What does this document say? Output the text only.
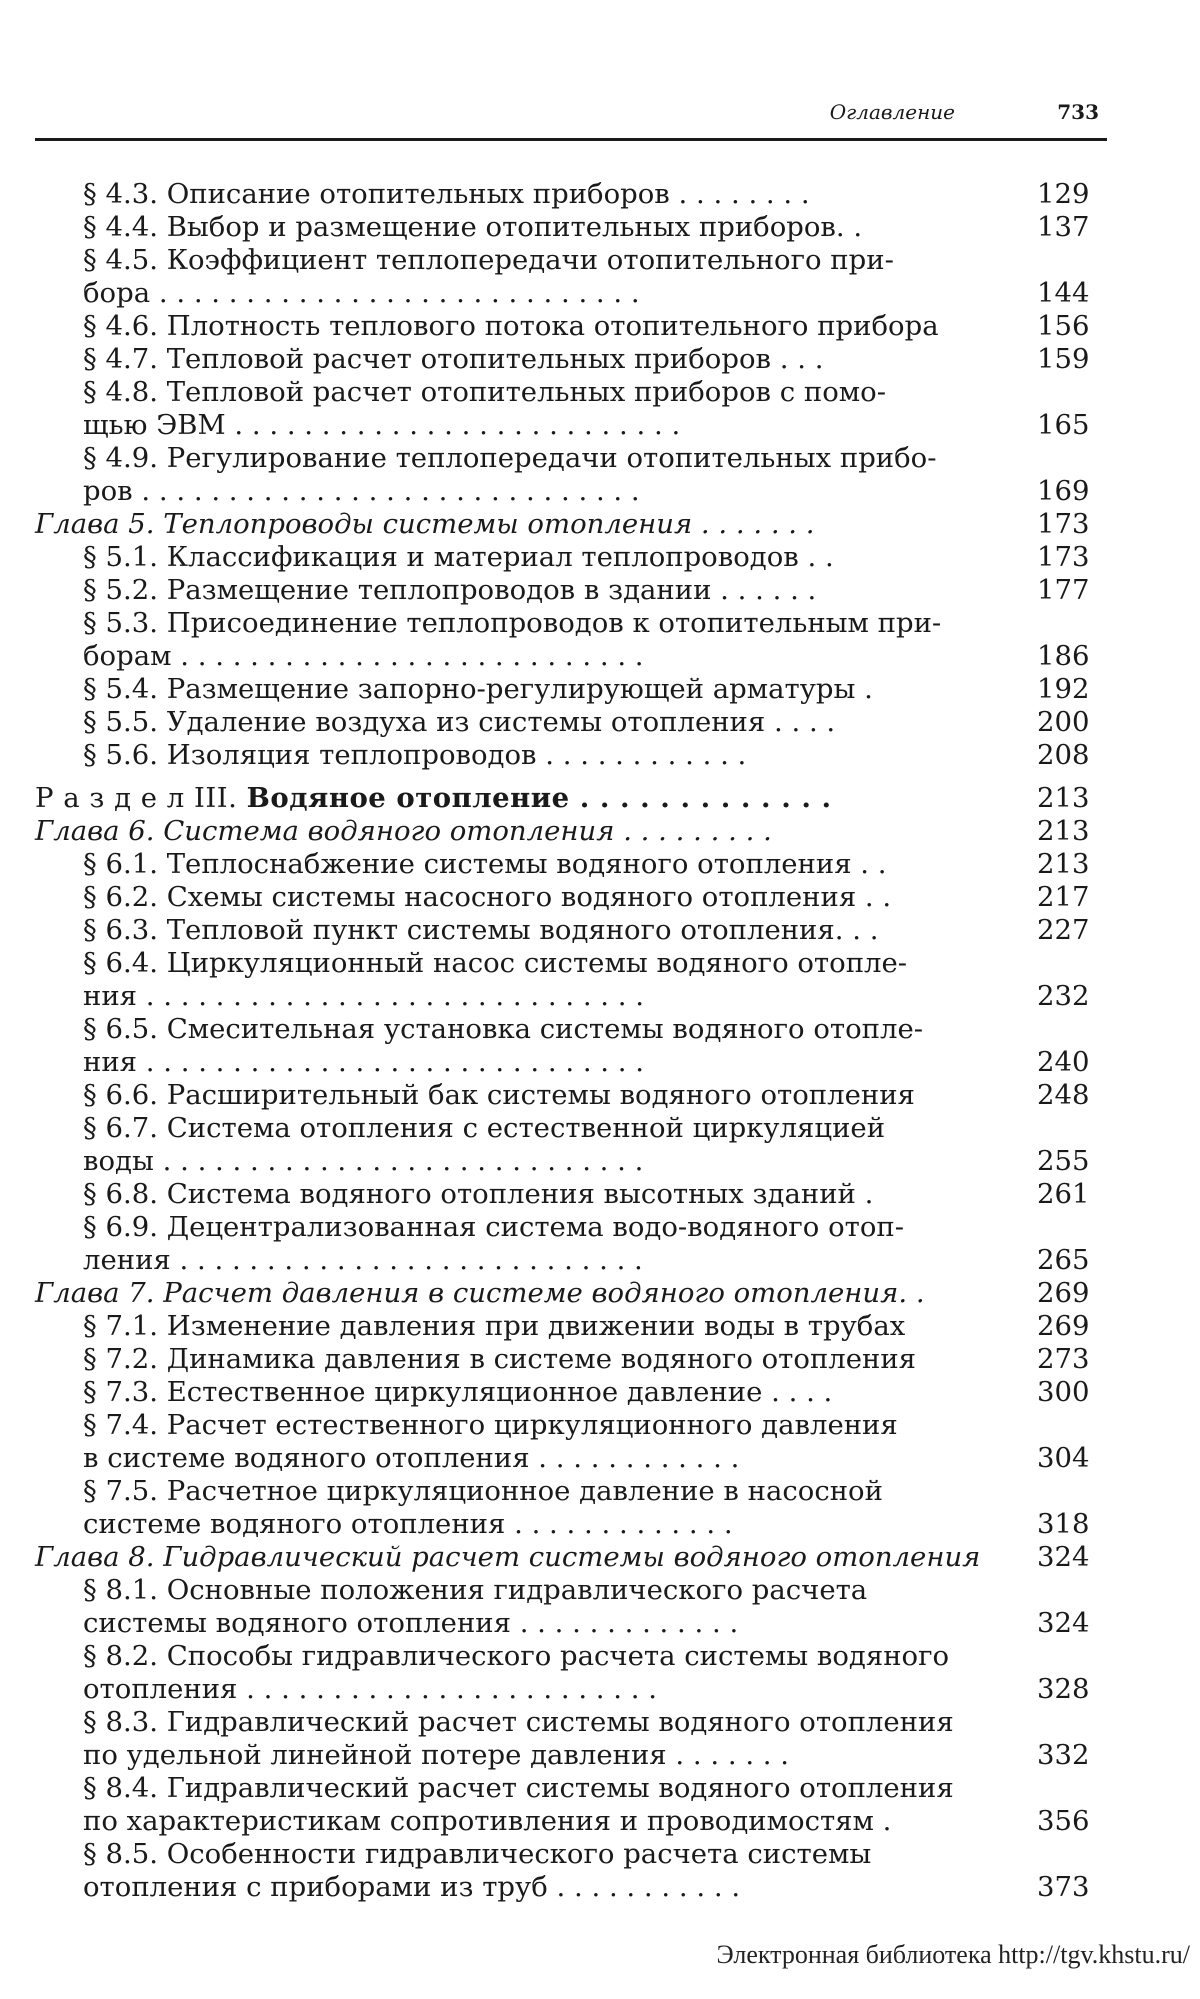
Оглавление	733
§ 4.3. Описание отопительных приборов . . . . . . . .	129
§ 4.4. Выбор и размещение отопительных приборов. .	137
§ 4.5. Коэффициент теплопередачи отопительного при-
бора . . . . . . . . . . . . . . . . . . . . . . . . . . . .	144
§ 4.6. Плотность теплового потока отопительного прибора	156
§ 4.7. Тепловой расчет отопительных приборов . . .	159
§ 4.8. Тепловой расчет отопительных приборов с помо-
щью ЭВМ . . . . . . . . . . . . . . . . . . . . . . . . . .	165
§ 4.9. Регулирование теплопередачи отопительных прибо-
ров . . . . . . . . . . . . . . . . . . . . . . . . . . . . .	169
Глава 5. Теплопроводы системы отопления . . . . . . .	173
§ 5.1. Классификация и материал теплопроводов . .	173
§ 5.2. Размещение теплопроводов в здании . . . . . .	177
§ 5.3. Присоединение теплопроводов к отопительным при-
борам . . . . . . . . . . . . . . . . . . . . . . . . . . .	186
§ 5.4. Размещение запорно-регулирующей арматуры .	192
§ 5.5. Удаление воздуха из системы отопления . . . .	200
§ 5.6. Изоляция теплопроводов . . . . . . . . . . . .	208
Р а з д е л III. Водяное отопление . . . . . . . . . . . . .	213
Глава 6. Система водяного отопления . . . . . . . . .	213
§ 6.1. Теплоснабжение системы водяного отопления . .	213
§ 6.2. Схемы системы насосного водяного отопления . .	217
§ 6.3. Тепловой пункт системы водяного отопления. . .	227
§ 6.4. Циркуляционный насос системы водяного отопле-
ния . . . . . . . . . . . . . . . . . . . . . . . . . . . . .	232
§ 6.5. Смесительная установка системы водяного отопле-
ния . . . . . . . . . . . . . . . . . . . . . . . . . . . . .	240
§ 6.6. Расширительный бак системы водяного отопления	248
§ 6.7. Система отопления с естественной циркуляцией
воды . . . . . . . . . . . . . . . . . . . . . . . . . . . .	255
§ 6.8. Система водяного отопления высотных зданий .	261
§ 6.9. Децентрализованная система водо-водяного отоп-
ления . . . . . . . . . . . . . . . . . . . . . . . . . . .	265
Глава 7. Расчет давления в системе водяного отопления. .	269
§ 7.1. Изменение давления при движении воды в трубах	269
§ 7.2. Динамика давления в системе водяного отопления	273
§ 7.3. Естественное циркуляционное давление . . . .	300
§ 7.4. Расчет естественного циркуляционного давления
в системе водяного отопления . . . . . . . . . . . .	304
§ 7.5. Расчетное циркуляционное давление в насосной
системе водяного отопления . . . . . . . . . . . . .	318
Глава 8. Гидравлический расчет системы водяного отопления	324
§ 8.1. Основные положения гидравлического расчета
системы водяного отопления . . . . . . . . . . . . .	324
§ 8.2. Способы гидравлического расчета системы водяного
отопления . . . . . . . . . . . . . . . . . . . . . . . .	328
§ 8.3. Гидравлический расчет системы водяного отопления
по удельной линейной потере давления . . . . . . .	332
§ 8.4. Гидравлический расчет системы водяного отопления
по характеристикам сопротивления и проводимостям .	356
§ 8.5. Особенности гидравлического расчета системы
отопления с приборами из труб . . . . . . . . . . .	373
Электронная библиотека http://tgv.khstu.ru/
